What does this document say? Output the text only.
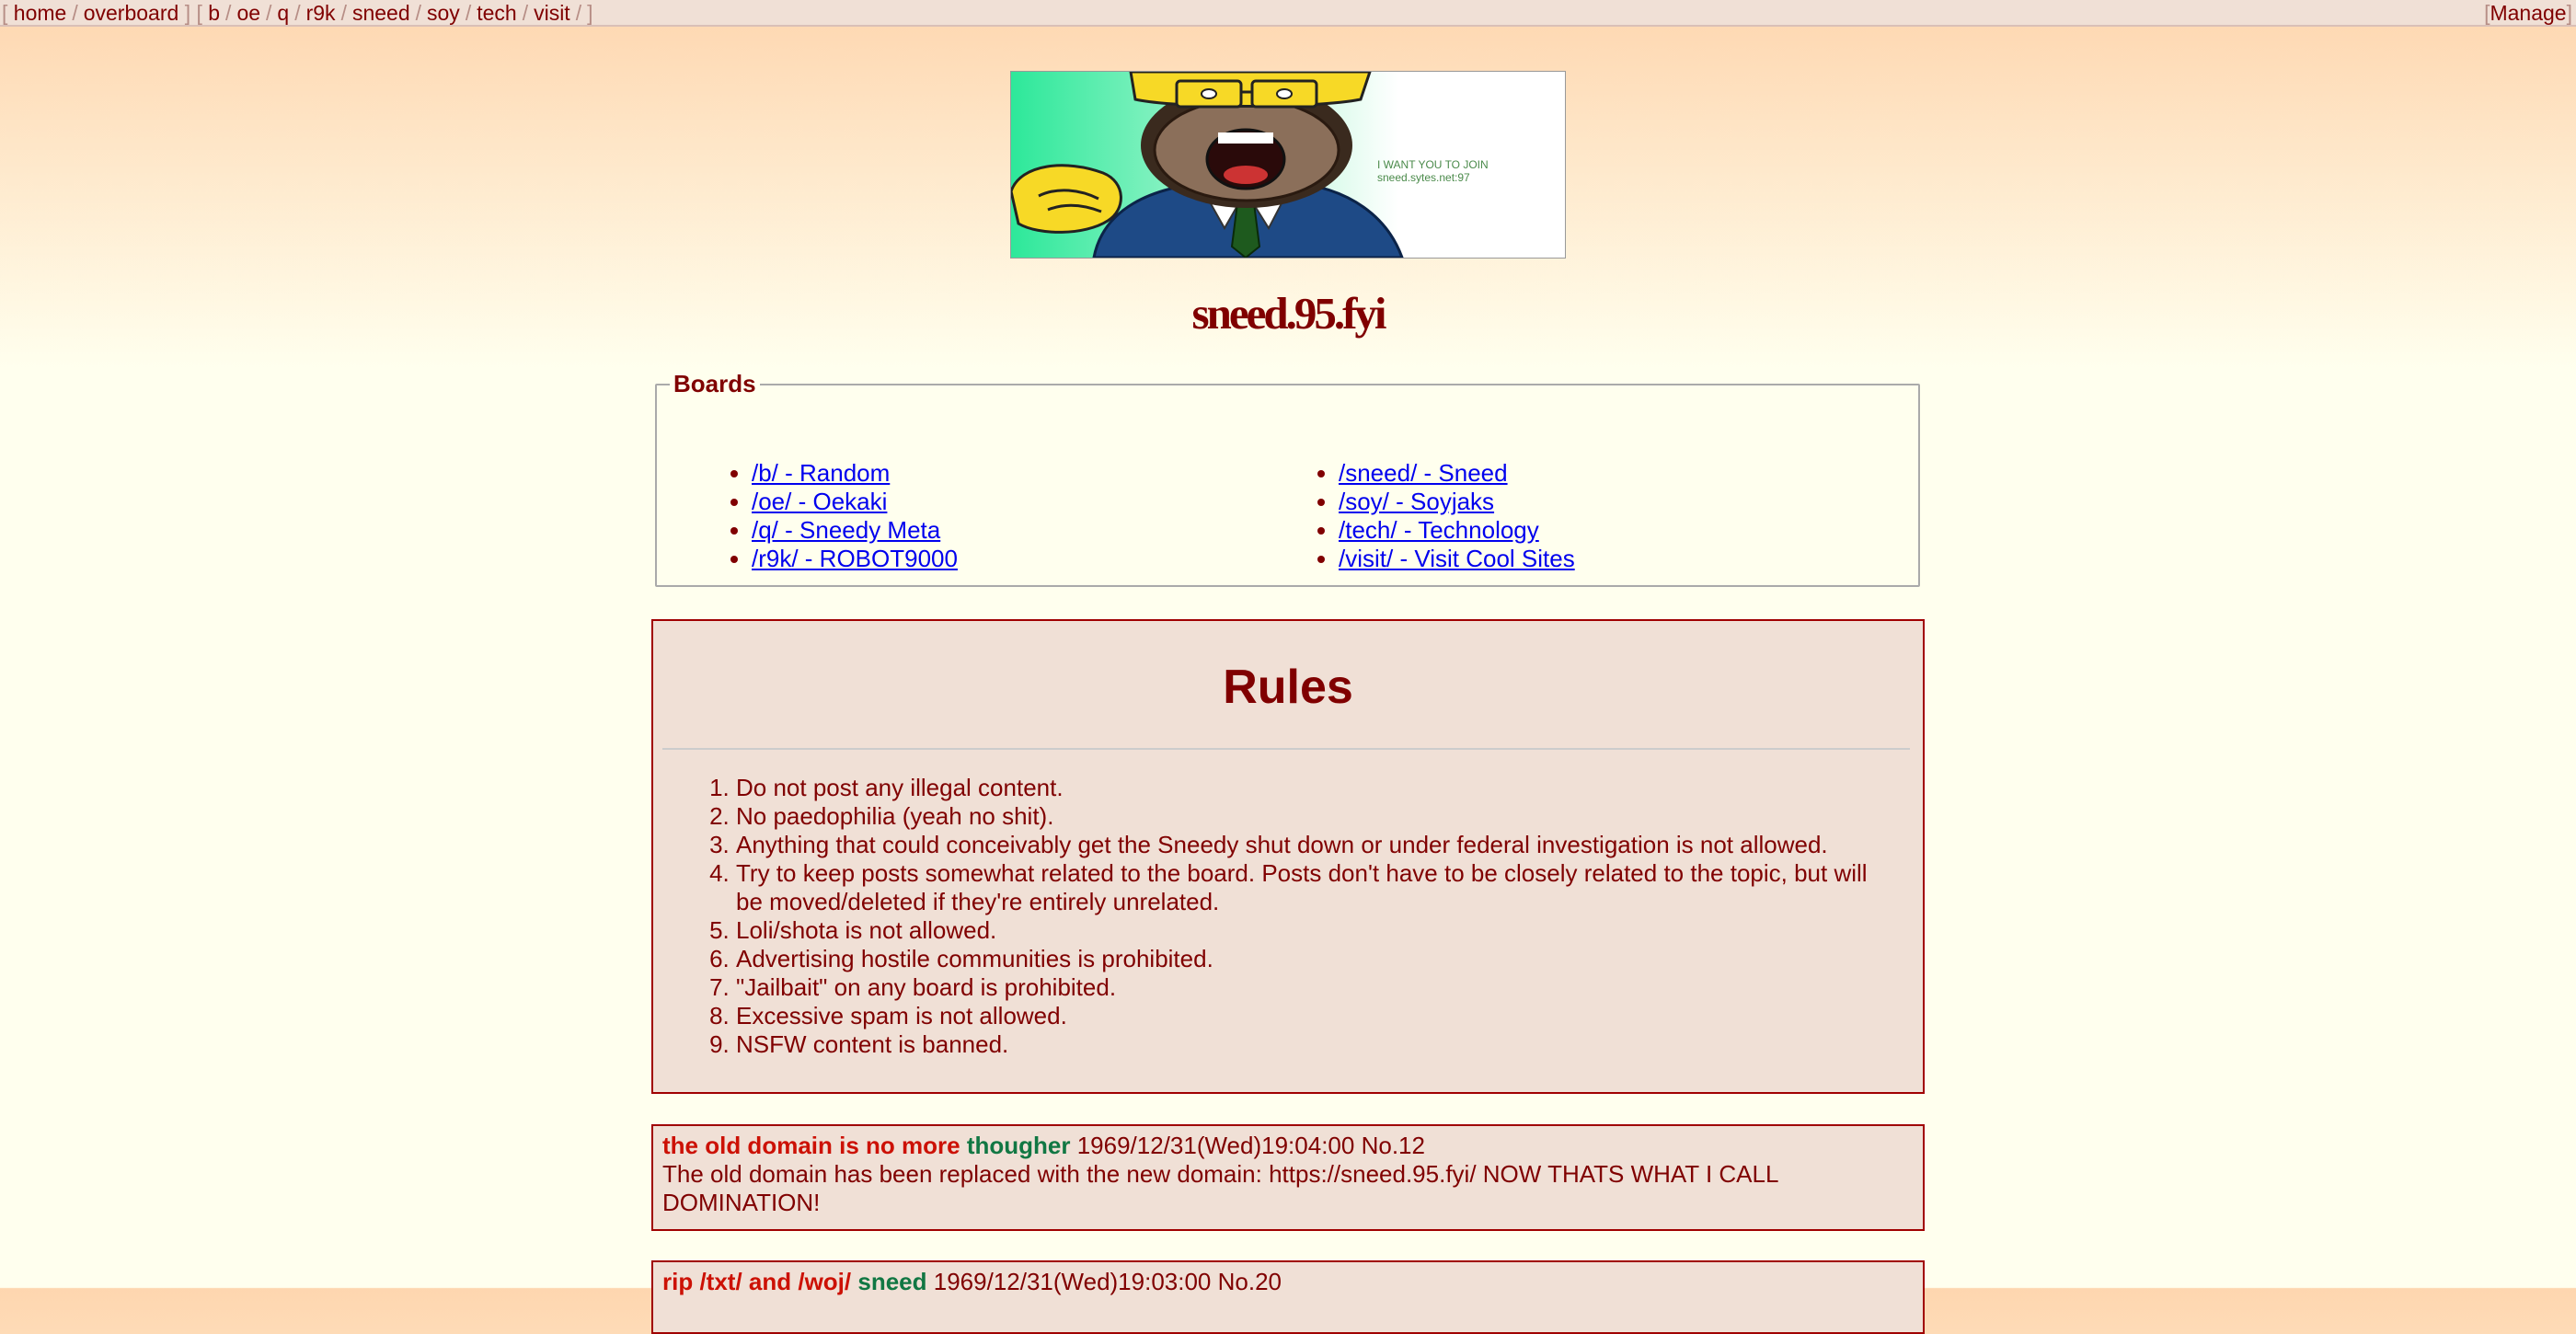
[ home / overboard ] [ b / oe / q / r9k / sneed / soy / tech / visit / ]	[Manage]
I WANT YOU TO JOIN
sneed.sytes.net:97
sneed.95.fyi
Boards
• /b/ - Random
• /oe/ - Oekaki
• /q/ - Sneedy Meta
• /r9k/ - ROBOT9000
• /sneed/ - Sneed
• /soy/ - Soyjaks
• /tech/ - Technology
• /visit/ - Visit Cool Sites
Rules
1. Do not post any illegal content.
2. No paedophilia (yeah no shit).
3. Anything that could conceivably get the Sneedy shut down or under federal investigation is not allowed.
4. Try to keep posts somewhat related to the board. Posts don't have to be closely related to the topic, but will be moved/deleted if they're entirely unrelated.
5. Loli/shota is not allowed.
6. Advertising hostile communities is prohibited.
7. "Jailbait" on any board is prohibited.
8. Excessive spam is not allowed.
9. NSFW content is banned.
the old domain is no more thougher 1969/12/31(Wed)19:04:00 No.12
The old domain has been replaced with the new domain: https://sneed.95.fyi/ NOW THATS WHAT I CALL DOMINATION!
rip /txt/ and /woj/ sneed 1969/12/31(Wed)19:03:00 No.20
